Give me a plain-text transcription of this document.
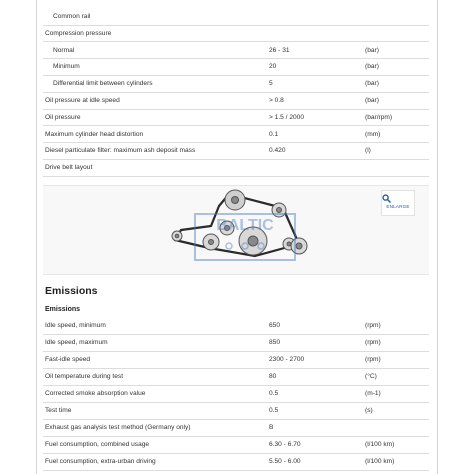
Common rail
Compression pressure
Normal	26 - 31	(bar)
Minimum	20	(bar)
Differential limit between cylinders	5	(bar)
Oil pressure at idle speed	> 0.8	(bar)
Oil pressure	> 1.5 / 2000	(bar/rpm)
Maximum cylinder head distortion	0.1	(mm)
Diesel particulate filter: maximum ash deposit mass	0.420	(l)
Drive belt layout
BALTIC
ENLARGE
Emissions
Emissions
Idle speed, minimum	650	(rpm)
Idle speed, maximum	850	(rpm)
Fast-idle speed	2300 - 2700	(rpm)
Oil temperature during test	80	(°C)
Corrected smoke absorption value	0.5	(m-1)
Test time	0.5	(s)
Exhaust gas analysis test method (Germany only)	B
Fuel consumption, combined usage	6.30 - 6.70	(l/100 km)
Fuel consumption, extra-urban driving	5.50 - 6.00	(l/100 km)
